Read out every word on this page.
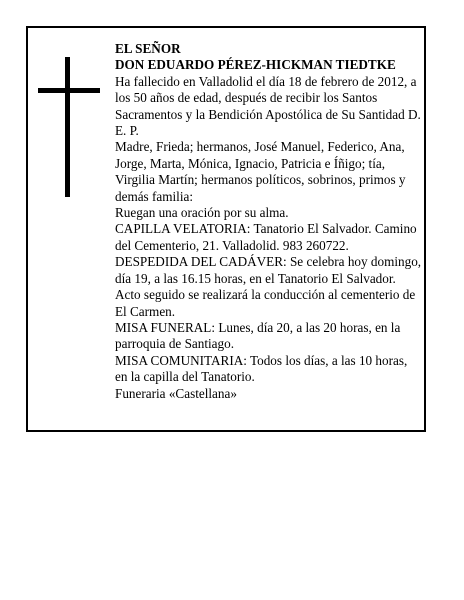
EL SEÑOR

DON EDUARDO PÉREZ-HICKMAN TIEDTKE

Ha fallecido en Valladolid el día 18 de febrero de 2012, a los 50 años de edad, después de recibir los Santos Sacramentos y la Bendición Apostólica de Su Santidad D. E. P.

Madre, Frieda; hermanos, José Manuel, Federico, Ana, Jorge, Marta, Mónica, Ignacio, Patricia e Íñigo; tía, Virgilia Martín; hermanos políticos, sobrinos, primos y demás familia:

Ruegan una oración por su alma.

CAPILLA VELATORIA: Tanatorio El Salvador. Camino del Cementerio, 21. Valladolid. 983 260722.

DESPEDIDA DEL CADÁVER: Se celebra hoy domingo, día 19, a las 16.15 horas, en el Tanatorio El Salvador. Acto seguido se realizará la conducción al cementerio de El Carmen.

MISA FUNERAL: Lunes, día 20, a las 20 horas, en la parroquia de Santiago.

MISA COMUNITARIA: Todos los días, a las 10 horas, en la capilla del Tanatorio.

Funeraria «Castellana»
